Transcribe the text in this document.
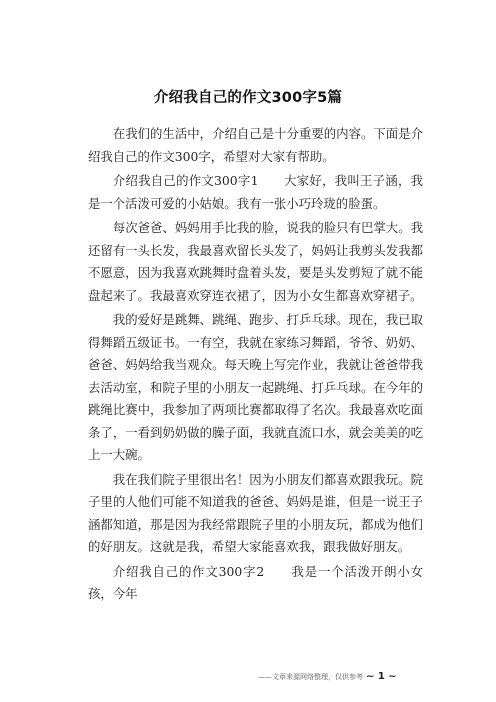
介绍我自己的作文300字5篇

在我们的生活中，介绍自己是十分重要的内容。下面是介绍我自己的作文300字，希望对大家有帮助。

介绍我自己的作文300字1　　大家好，我叫王子涵，我是一个活泼可爱的小姑娘。我有一张小巧玲珑的脸蛋。

每次爸爸、妈妈用手比我的脸，说我的脸只有巴掌大。我还留有一头长发，我最喜欢留长头发了，妈妈让我剪头发我都不愿意，因为我喜欢跳舞时盘着头发，要是头发剪短了就不能盘起来了。我最喜欢穿连衣裙了，因为小女生都喜欢穿裙子。

我的爱好是跳舞、跳绳、跑步、打乒乓球。现在，我已取得舞蹈五级证书。一有空，我就在家练习舞蹈，爷爷、奶奶、爸爸、妈妈给我当观众。每天晚上写完作业，我就让爸爸带我去活动室，和院子里的小朋友一起跳绳、打乒乓球。在今年的跳绳比赛中，我参加了两项比赛都取得了名次。我最喜欢吃面条了，一看到奶奶做的臊子面，我就直流口水，就会美美的吃上一大碗。

我在我们院子里很出名！因为小朋友们都喜欢跟我玩。院子里的人他们可能不知道我的爸爸、妈妈是谁，但是一说王子涵都知道，那是因为我经常跟院子里的小朋友玩，都成为他们的好朋友。这就是我，希望大家能喜欢我，跟我做好朋友。

介绍我自己的作文300字2　　我是一个活泼开朗小女孩，今年

——文章来源网络整理，仅供参考 ~ 1 ~
